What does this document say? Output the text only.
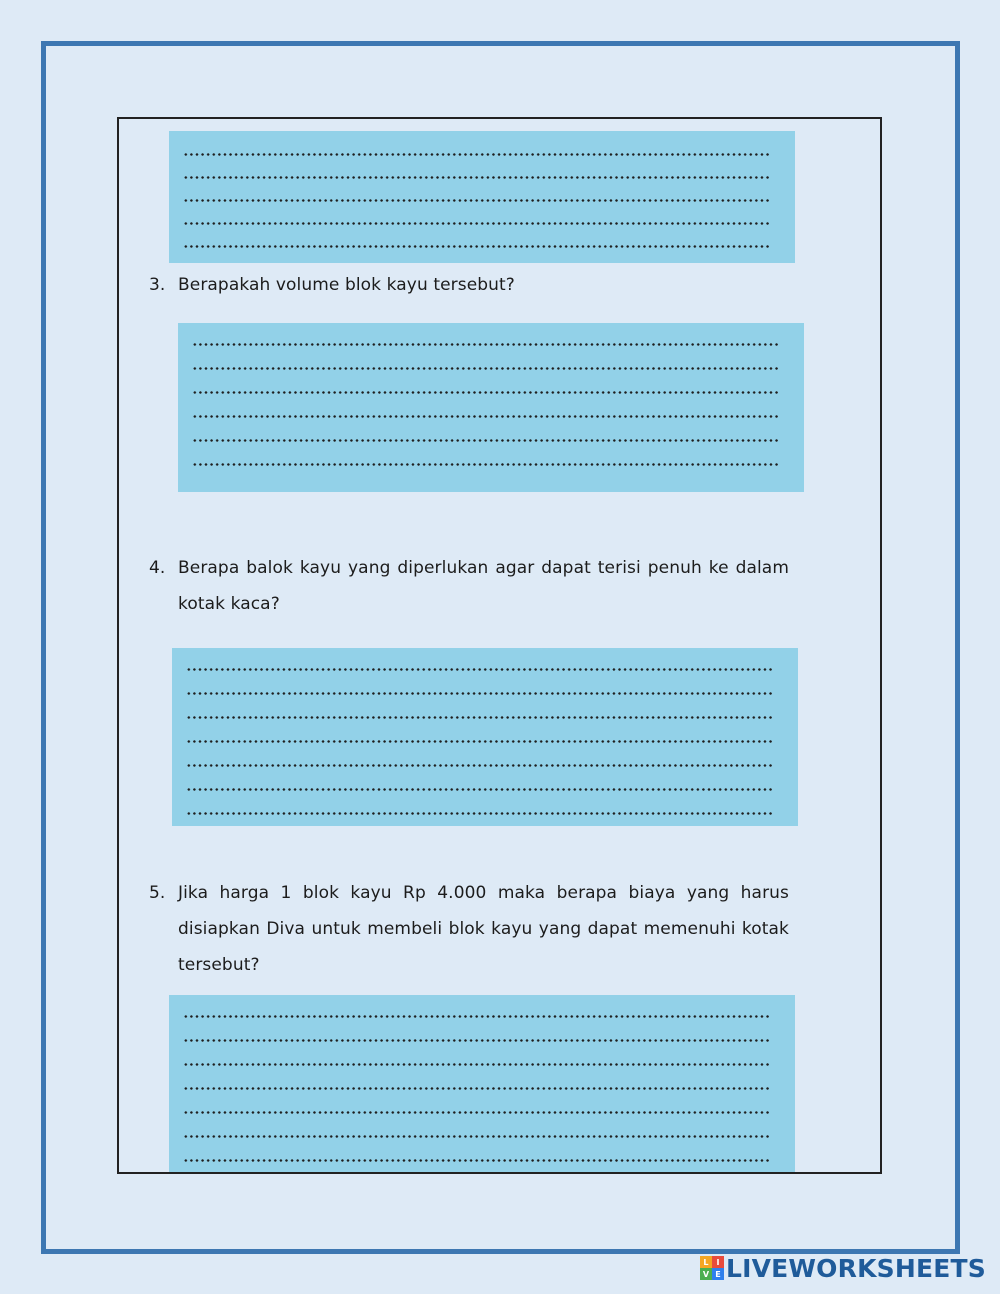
3. Berapakah volume blok kayu tersebut?
4. Berapa balok kayu yang diperlukan agar dapat terisi penuh ke dalam kotak kaca?
5. Jika harga 1 blok kayu Rp 4.000 maka berapa biaya yang harus disiapkan Diva untuk membeli blok kayu yang dapat memenuhi kotak tersebut?
L I
V E LIVEWORKSHEETS
